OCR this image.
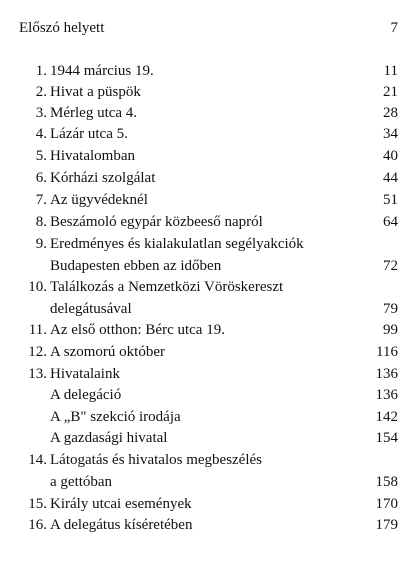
Előszó helyett	7
1. 1944 március 19.	11
2. Hivat a püspök	21
3. Mérleg utca 4.	28
4. Lázár utca 5.	34
5. Hivatalomban	40
6. Kórházi szolgálat	44
7. Az ügyvédeknél	51
8. Beszámoló egypár közbeeső napról	64
9. Eredményes és kialakulatlan segélyakciók
Budapesten ebben az időben	72
10. Találkozás a Nemzetközi Vöröskereszt
delegátusával	79
11. Az első otthon: Bérc utca 19.	99
12. A szomorú október	116
13. Hivatalaink	136
A delegáció	136
A „B" szekció irodája	142
A gazdasági hivatal	154
14. Látogatás és hivatalos megbeszélés
a gettóban	158
15. Király utcai események	170
16. A delegátus kíséretében	179
